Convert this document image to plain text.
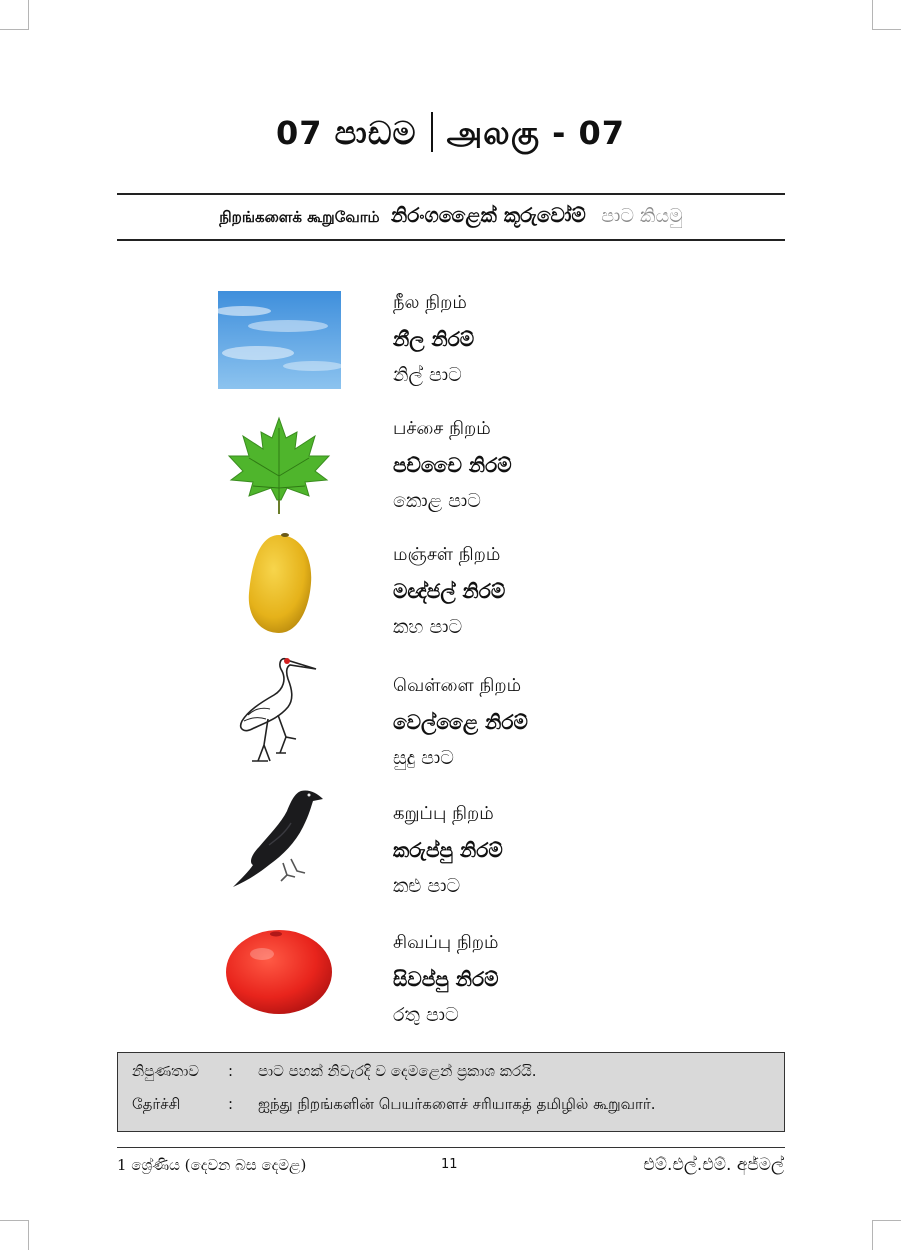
07 පාඩම அலகு - 07
நிறங்களைக் கூறுவோம் නිරංගළෛක් කූරුවෝම් පාට කියමු
நீல நிறம்
නීල නිරම්
නිල් පාට
பச்சை நிறம்
පච්චෛ නිරම්
කොළ පාට
மஞ்சள் நிறம்
මඥ්ජල් නිරම්
කහ පාට
வெள்ளை நிறம்
වෙල්ළෛ නිරම්
සුදු පාට
கறுப்பு நிறம்
කරුප්පු නිරම්
කළු පාට
சிவப்பு நிறம்
සිවප්පු නිරම්
රතු පාට
නිපුණතාව : පාට පහක් නිවැරදි ව දෙමළෙන් ප්‍රකාශ කරයි.
தேர்ச்சி	: ஐந்து நிறங்களின் பெயர்களைச் சரியாகத் தமிழில் கூறுவார்.
1 ශ්‍රේණිය (දෙවන බස දෙමළ)	11	එම්.එල්.එම්. අජ්මල්
